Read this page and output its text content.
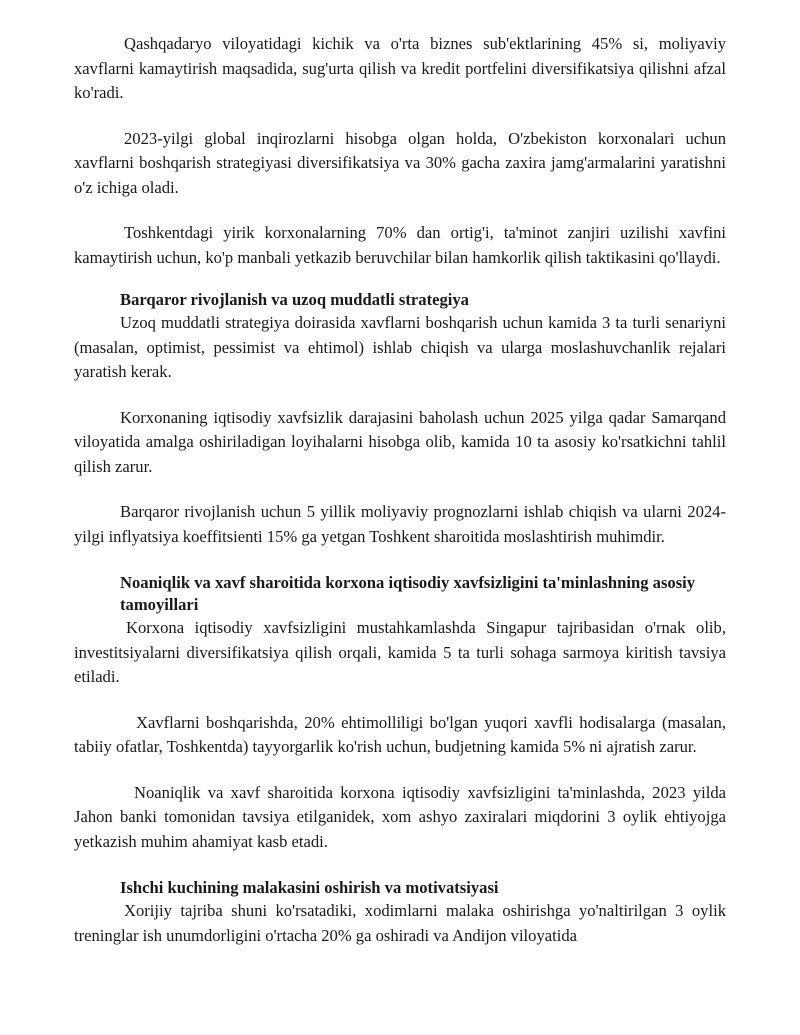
Qashqadaryo viloyatidagi kichik va o'rta biznes sub'ektlarining 45% si, moliyaviy xavflarni kamaytirish maqsadida, sug'urta qilish va kredit portfelini diversifikatsiya qilishni afzal ko'radi.

2023-yilgi global inqirozlarni hisobga olgan holda, O'zbekiston korxonalari uchun xavflarni boshqarish strategiyasi diversifikatsiya va 30% gacha zaxira jamg'armalarini yaratishni o'z ichiga oladi.

Toshkentdagi yirik korxonalarning 70% dan ortig'i, ta'minot zanjiri uzilishi xavfini kamaytirish uchun, ko'p manbali yetkazib beruvchilar bilan hamkorlik qilish taktikasini qo'llaydi.

Barqaror rivojlanish va uzoq muddatli strategiya

Uzoq muddatli strategiya doirasida xavflarni boshqarish uchun kamida 3 ta turli senariyni (masalan, optimist, pessimist va ehtimol) ishlab chiqish va ularga moslashuvchanlik rejalari yaratish kerak.

Korxonaning iqtisodiy xavfsizlik darajasini baholash uchun 2025 yilga qadar Samarqand viloyatida amalga oshiriladigan loyihalarni hisobga olib, kamida 10 ta asosiy ko'rsatkichni tahlil qilish zarur.

Barqaror rivojlanish uchun 5 yillik moliyaviy prognozlarni ishlab chiqish va ularni 2024-yilgi inflyatsiya koeffitsienti 15% ga yetgan Toshkent sharoitida moslashtirish muhimdir.

Noaniqlik va xavf sharoitida korxona iqtisodiy xavfsizligini ta'minlashning asosiy tamoyillari

Korxona iqtisodiy xavfsizligini mustahkamlashda Singapur tajribasidan o'rnak olib, investitsiyalarni diversifikatsiya qilish orqali, kamida 5 ta turli sohaga sarmoya kiritish tavsiya etiladi.

Xavflarni boshqarishda, 20% ehtimolliligi bo'lgan yuqori xavfli hodisalarga (masalan, tabiiy ofatlar, Toshkentda) tayyorgarlik ko'rish uchun, budjetning kamida 5% ni ajratish zarur.

Noaniqlik va xavf sharoitida korxona iqtisodiy xavfsizligini ta'minlashda, 2023 yilda Jahon banki tomonidan tavsiya etilganidek, xom ashyo zaxiralari miqdorini 3 oylik ehtiyojga yetkazish muhim ahamiyat kasb etadi.

Ishchi kuchining malakasini oshirish va motivatsiyasi

Xorijiy tajriba shuni ko'rsatadiki, xodimlarni malaka oshirishga yo'naltirilgan 3 oylik treninglar ish unumdorligini o'rtacha 20% ga oshiradi va Andijon viloyatida
